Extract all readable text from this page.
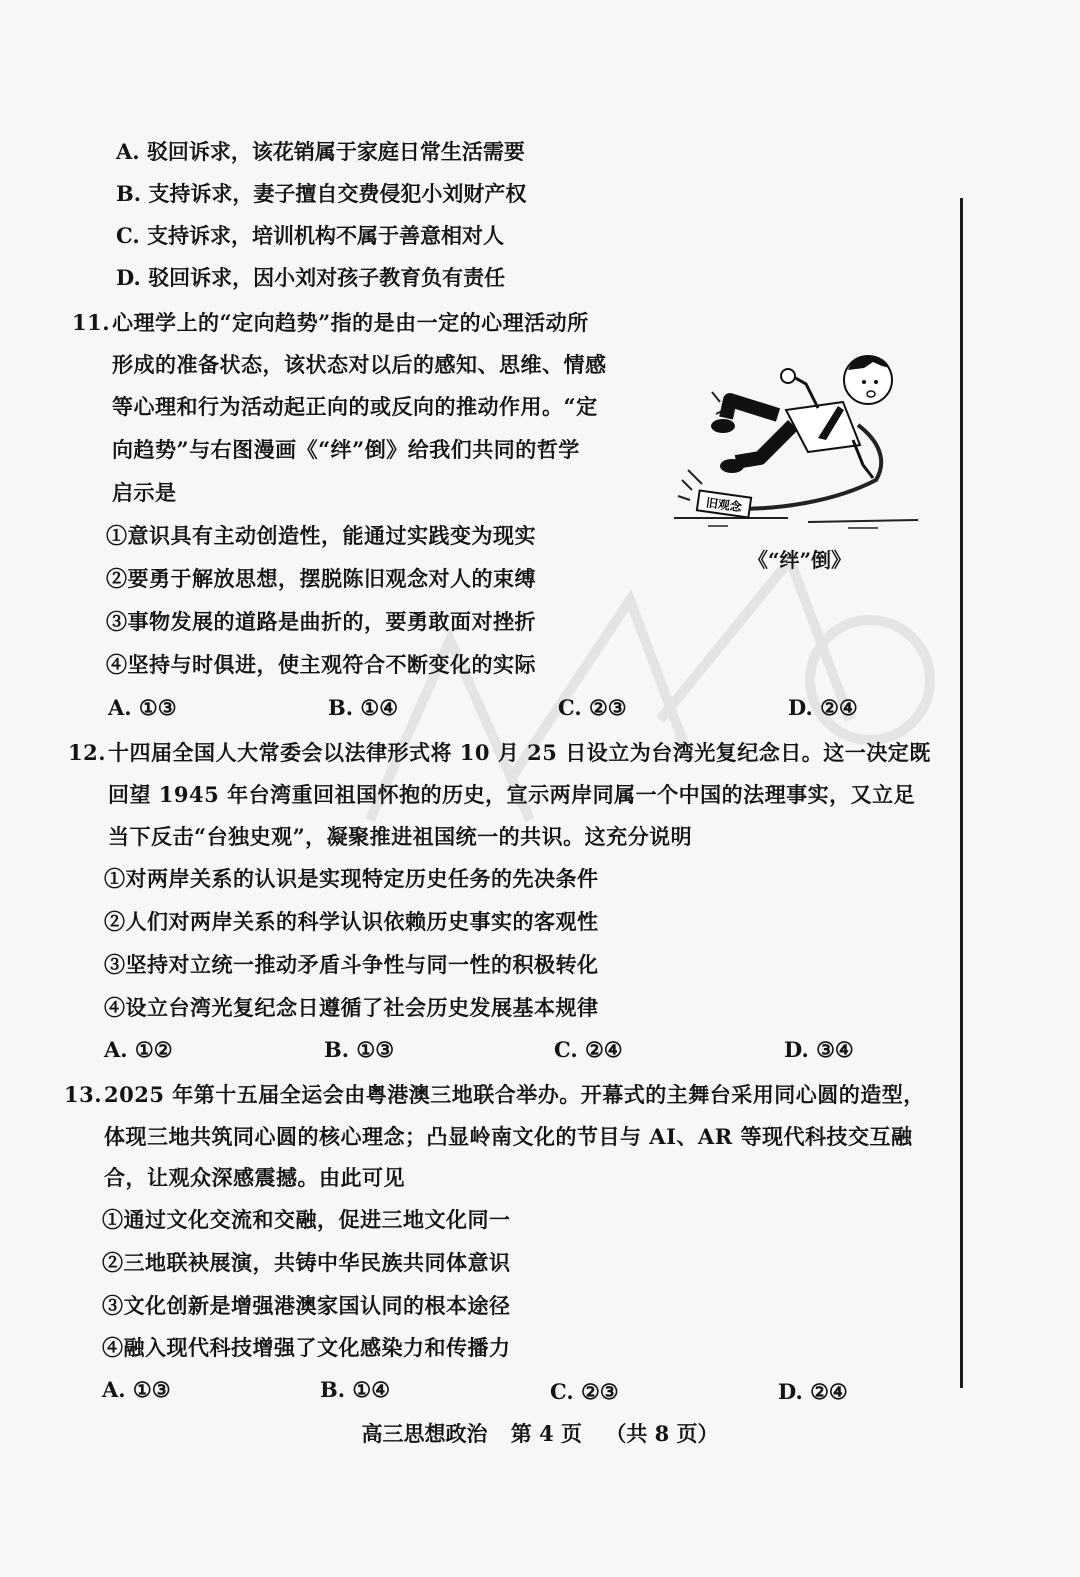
A. 驳回诉求，该花销属于家庭日常生活需要
B. 支持诉求，妻子擅自交费侵犯小刘财产权
C. 支持诉求，培训机构不属于善意相对人
D. 驳回诉求，因小刘对孩子教育负有责任
11. 心理学上的“定向趋势”指的是由一定的心理活动所
形成的准备状态，该状态对以后的感知、思维、情感
等心理和行为活动起正向的或反向的推动作用。“定
向趋势”与右图漫画《“绊”倒》给我们共同的哲学
启示是
①意识具有主动创造性，能通过实践变为现实
②要勇于解放思想，摆脱陈旧观念对人的束缚
③事物发展的道路是曲折的，要勇敢面对挫折
④坚持与时俱进，使主观符合不断变化的实际
A. ①③	B. ①④	C. ②③	D. ②④
旧观念
《“绊”倒》
12. 十四届全国人大常委会以法律形式将 10 月 25 日设立为台湾光复纪念日。这一决定既
回望 1945 年台湾重回祖国怀抱的历史，宣示两岸同属一个中国的法理事实，又立足
当下反击“台独史观”，凝聚推进祖国统一的共识。这充分说明
①对两岸关系的认识是实现特定历史任务的先决条件
②人们对两岸关系的科学认识依赖历史事实的客观性
③坚持对立统一推动矛盾斗争性与同一性的积极转化
④设立台湾光复纪念日遵循了社会历史发展基本规律
A. ①②	B. ①③	C. ②④	D. ③④
13. 2025 年第十五届全运会由粤港澳三地联合举办。开幕式的主舞台采用同心圆的造型，
体现三地共筑同心圆的核心理念；凸显岭南文化的节目与 AI、AR 等现代科技交互融
合，让观众深感震撼。由此可见
①通过文化交流和交融，促进三地文化同一
②三地联袂展演，共铸中华民族共同体意识
③文化创新是增强港澳家国认同的根本途径
④融入现代科技增强了文化感染力和传播力
A. ①③	B. ①④	C. ②③	D. ②④
高三思想政治 第 4 页 （共 8 页）
